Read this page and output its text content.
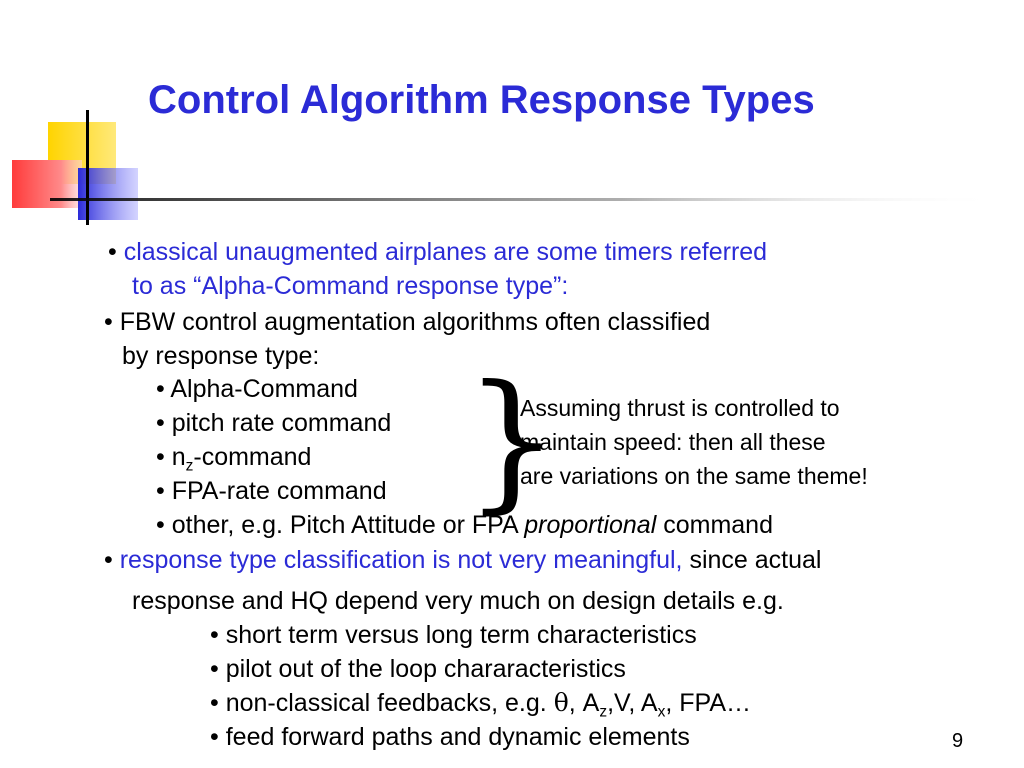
Control Algorithm Response Types
• classical unaugmented airplanes are some timers referred
to as “Alpha-Command response type”:
• FBW control augmentation algorithms often classified
by response type:
• Alpha-Command
• pitch rate command
• $n_z$-command
• FPA-rate command
• other, e.g. Pitch Attitude or FPA proportional command
}
Assuming thrust is controlled to
maintain speed: then all these
are variations on the same theme!
• response type classification is not very meaningful, since actual
response and HQ depend very much on design details e.g.
• short term versus long term characteristics
• pilot out of the loop chararacteristics
• non-classical feedbacks, e.g. θ, $A_z,V$, $A_x$, FPA…
• feed forward paths and dynamic elements	9
